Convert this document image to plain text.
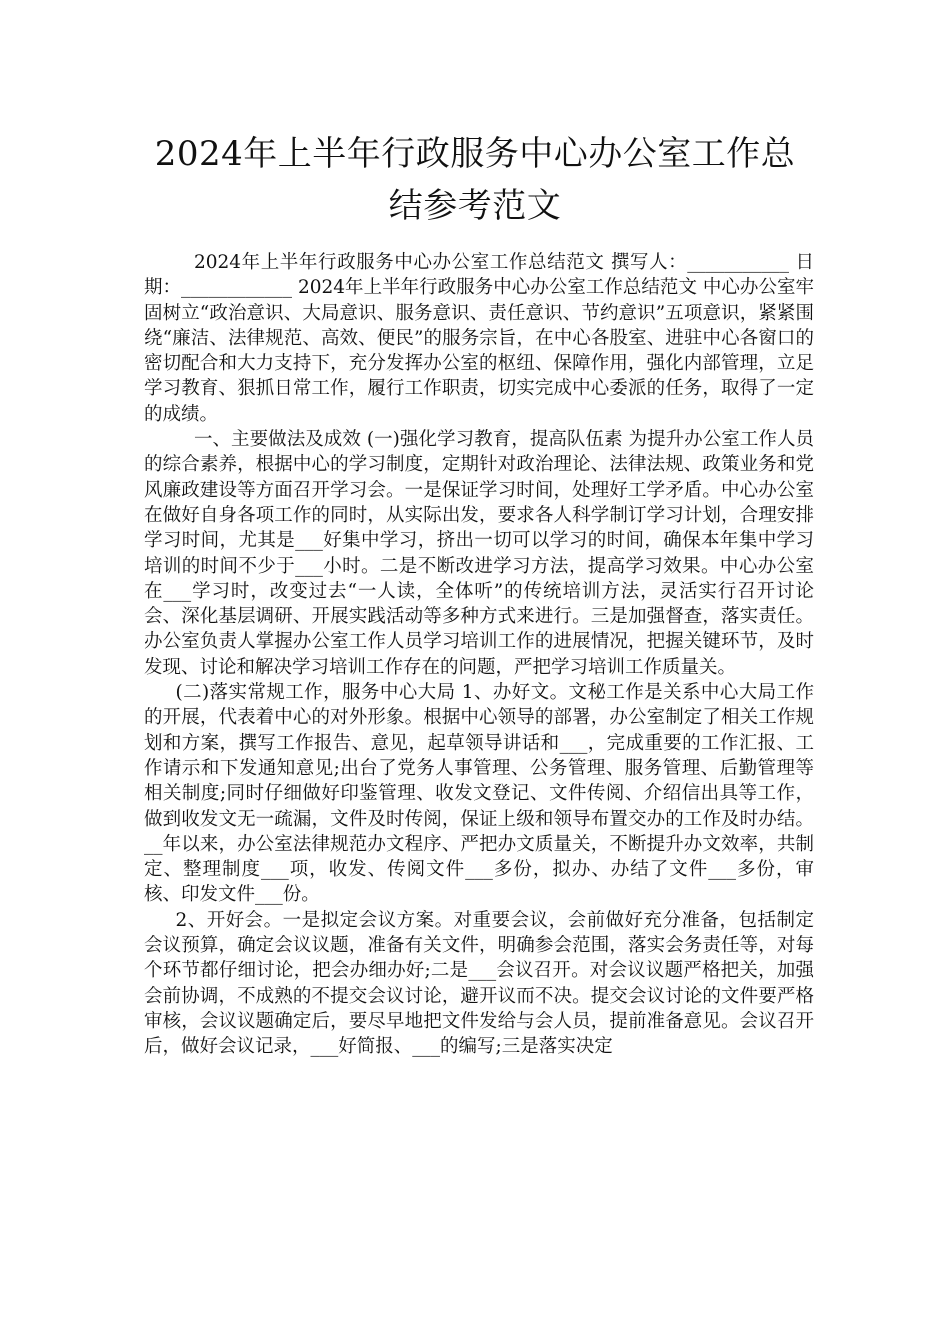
2024年上半年行政服务中心办公室工作总
结参考范文

2024年上半年行政服务中心办公室工作总结范文 撰写人：___________ 日 期：____________ 2024年上半年行政服务中心办公室工作总结范文 中心办公室牢固树立“政治意识、大局意识、服务意识、责任意识、节约意识”五项意识，紧紧围绕“廉洁、法律规范、高效、便民”的服务宗旨，在中心各股室、进驻中心各窗口的密切配合和大力支持下，充分发挥办公室的枢纽、保障作用，强化内部管理，立足学习教育、狠抓日常工作，履行工作职责，切实完成中心委派的任务，取得了一定的成绩。

一、主要做法及成效 (一)强化学习教育，提高队伍素 为提升办公室工作人员的综合素养，根据中心的学习制度，定期针对政治理论、法律法规、政策业务和党风廉政建设等方面召开学习会。一是保证学习时间，处理好工学矛盾。中心办公室在做好自身各项工作的同时，从实际出发，要求各人科学制订学习计划，合理安排学习时间，尤其是___好集中学习，挤出一切可以学习的时间，确保本年集中学习培训的时间不少于___小时。二是不断改进学习方法，提高学习效果。中心办公室在___学习时，改变过去“一人读，全体听”的传统培训方法，灵活实行召开讨论会、深化基层调研、开展实践活动等多种方式来进行。三是加强督查，落实责任。办公室负责人掌握办公室工作人员学习培训工作的进展情况，把握关键环节，及时发现、讨论和解决学习培训工作存在的问题，严把学习培训工作质量关。

(二)落实常规工作，服务中心大局 1、办好文。文秘工作是关系中心大局工作的开展，代表着中心的对外形象。根据中心领导的部署，办公室制定了相关工作规划和方案，撰写工作报告、意见，起草领导讲话和___，完成重要的工作汇报、工作请示和下发通知意见;出台了党务人事管理、公务管理、服务管理、后勤管理等相关制度;同时仔细做好印鉴管理、收发文登记、文件传阅、介绍信出具等工作，做到收发文无一疏漏，文件及时传阅，保证上级和领导布置交办的工作及时办结。__年以来，办公室法律规范办文程序、严把办文质量关，不断提升办文效率，共制定、整理制度___项，收发、传阅文件___多份，拟办、办结了文件___多份，审核、印发文件___份。

2、开好会。一是拟定会议方案。对重要会议，会前做好充分准备，包括制定会议预算，确定会议议题，准备有关文件，明确参会范围，落实会务责任等，对每个环节都仔细讨论，把会办细办好;二是___会议召开。对会议议题严格把关，加强会前协调，不成熟的不提交会议讨论，避开议而不决。提交会议讨论的文件要严格审核，会议议题确定后，要尽早地把文件发给与会人员，提前准备意见。会议召开后，做好会议记录，___好简报、___的编写;三是落实决定
